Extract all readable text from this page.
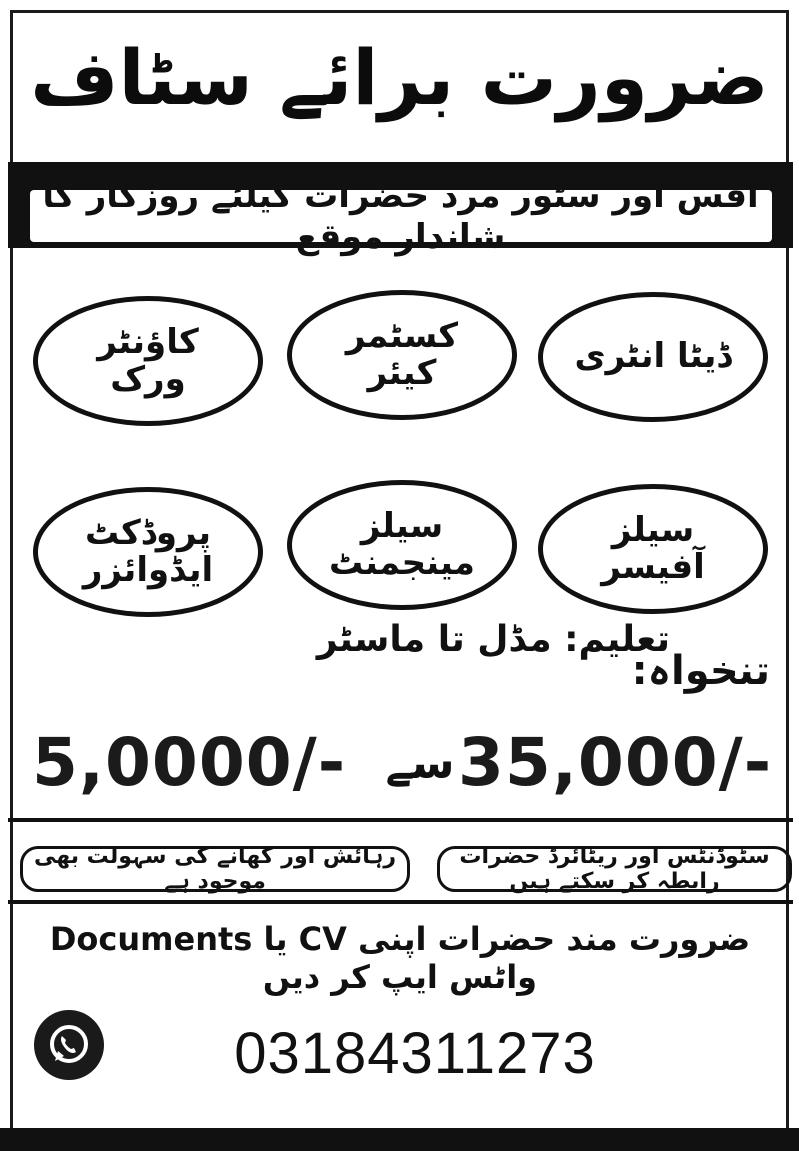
ضرورت برائے سٹاف
آفس اور سٹور مرد حضرات کیلئے روزگار کا شاندار موقع
ڈیٹا انٹری
کسٹمر کیئر
کاؤنٹر ورک
سیلز آفیسر
سیلز مینجمنٹ
پروڈکٹ ایڈوائزر
تعلیم: مڈل تا ماسٹر
تنخواہ:
35,000/-
سے
5,0000/-
سٹوڈنٹس اور ریٹائرڈ حضرات رابطہ کر سکتے ہیں
رہائش اور کھانے کی سہولت بھی موجود ہے
ضرورت مند حضرات اپنی CV یا Documents واٹس ایپ کر دیں
03184311273
